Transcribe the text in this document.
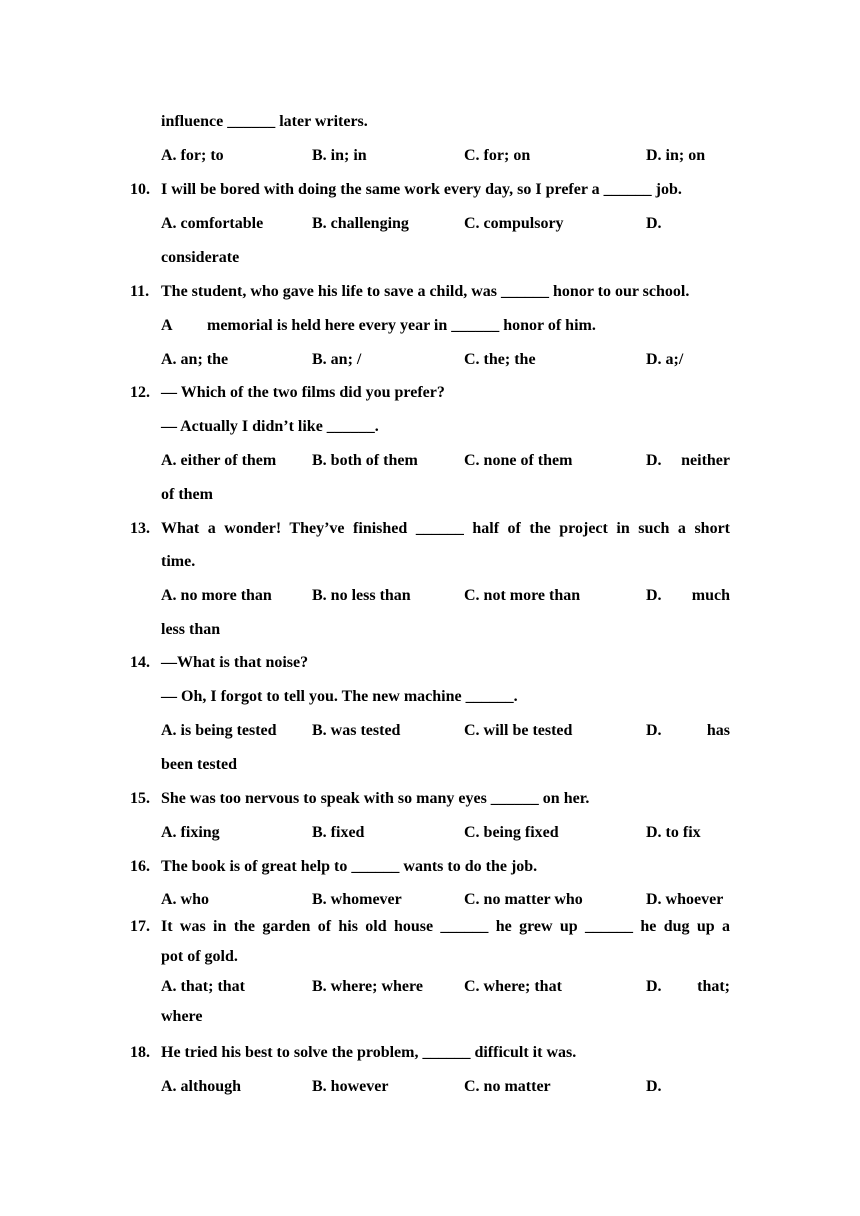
influence ______ later writers.
A. for; to	B. in; in	C. for; on	D. in; on
10. I will be bored with doing the same work every day, so I prefer a ______ job.
A. comfortable	B. challenging	C. compulsory	D.
considerate
11. The student, who gave his life to save a child, was ______ honor to our school.
A memorial is held here every year in ______ honor of him.
A. an; the	B. an; /	C. the; the	D. a;/
12. — Which of the two films did you prefer?
— Actually I didn’t like ______.
A. either of them B. both of them	C. none of them	D. neither
of them
13. What a wonder! They’ve finished ______ half of the project in such a short
time.
A. no more than	B. no less than	C. not more than	D. much
less than
14. —What is that noise?
— Oh, I forgot to tell you. The new machine ______.
A. is being tested B. was tested	C. will be tested	D. has
been tested
15. She was too nervous to speak with so many eyes ______ on her.
A. fixing	B. fixed	C. being fixed	D. to fix
16. The book is of great help to ______ wants to do the job.
A. who	B. whomever	C. no matter who	D. whoever
17. It was in the garden of his old house ______ he grew up ______ he dug up a
pot of gold.
A. that; that	B. where; where	C. where; that	D. that;
where
18. He tried his best to solve the problem, ______ difficult it was.
A. although	B. however	C. no matter	D.
